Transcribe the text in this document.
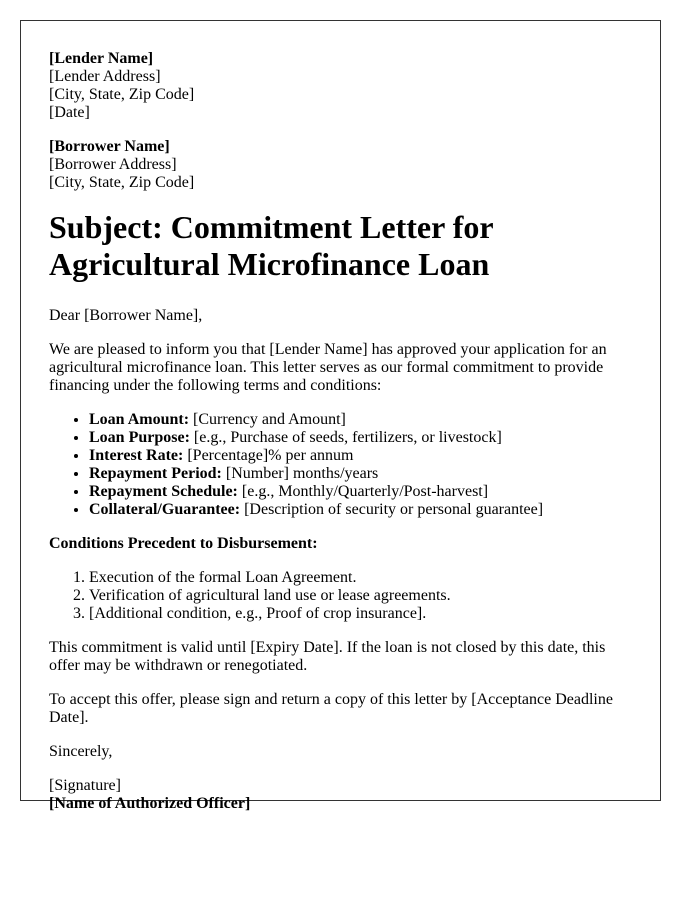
[Lender Name]
[Lender Address]
[City, State, Zip Code]
[Date]
[Borrower Name]
[Borrower Address]
[City, State, Zip Code]
Subject: Commitment Letter for Agricultural Microfinance Loan

Dear [Borrower Name],

We are pleased to inform you that [Lender Name] has approved your application for an agricultural microfinance loan. This letter serves as our formal commitment to provide financing under the following terms and conditions:

• Loan Amount: [Currency and Amount]
• Loan Purpose: [e.g., Purchase of seeds, fertilizers, or livestock]
• Interest Rate: [Percentage]% per annum
• Repayment Period: [Number] months/years
• Repayment Schedule: [e.g., Monthly/Quarterly/Post-harvest]
• Collateral/Guarantee: [Description of security or personal guarantee]

Conditions Precedent to Disbursement:

1. Execution of the formal Loan Agreement.
2. Verification of agricultural land use or lease agreements.
3. [Additional condition, e.g., Proof of crop insurance].

This commitment is valid until [Expiry Date]. If the loan is not closed by this date, this offer may be withdrawn or renegotiated.

To accept this offer, please sign and return a copy of this letter by [Acceptance Deadline Date].

Sincerely,

[Signature]
[Name of Authorized Officer]
